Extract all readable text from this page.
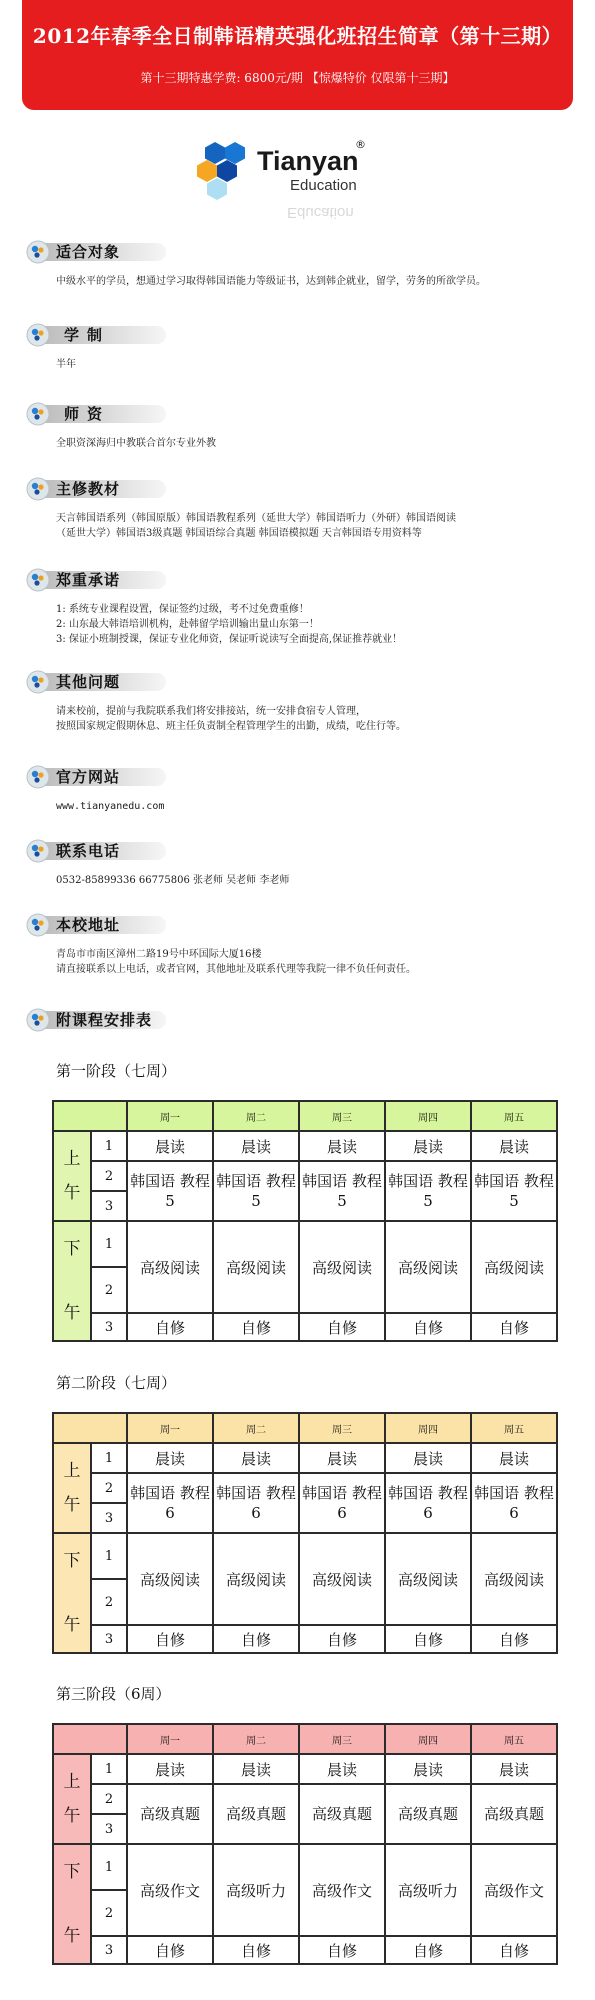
2012年春季全日制韩语精英强化班招生简章（第十三期）
第十三期特惠学费: 6800元/期 【惊爆特价 仅限第十三期】
Tianyan
®
Education
Education
适合对象
中级水平的学员，想通过学习取得韩国语能力等级证书，达到韩企就业，留学，劳务的所欲学员。
学制
半年
师资
全职资深海归中教联合首尔专业外教
主修教材
天言韩国语系列（韩国原版）韩国语教程系列（延世大学）韩国语听力（外研）韩国语阅读
（延世大学）韩国语3级真题 韩国语综合真题 韩国语模拟题 天言韩国语专用资料等
郑重承诺
1: 系统专业课程设置，保证签约过级，考不过免费重修！
2: 山东最大韩语培训机构，赴韩留学培训输出量山东第一！
3: 保证小班制授课，保证专业化师资，保证听说读写全面提高,保证推荐就业！
其他问题
请来校前，提前与我院联系我们将安排接站，统一安排食宿专人管理，
按照国家规定假期休息、班主任负责制全程管理学生的出勤，成绩，吃住行等。
官方网站
www.tianyanedu.com
联系电话
0532-85899336 66775806 张老师 吴老师 李老师
本校地址
青岛市市南区漳州二路19号中环国际大厦16楼
请直接联系以上电话，或者官网，其他地址及联系代理等我院一律不负任何责任。
附课程安排表
第一阶段（七周）
		周一	周二	周三	周四	周五

上
午	1	晨读	晨读	晨读	晨读	晨读
	2	韩国语 教程5	韩国语 教程5	韩国语 教程5	韩国语 教程5	韩国语 教程5
	3					

下
午	1	高级阅读	高级阅读	高级阅读	高级阅读	高级阅读
	2					
	3	自修	自修	自修	自修	自修
第二阶段（七周）
		周一	周二	周三	周四	周五

上
午	1	晨读	晨读	晨读	晨读	晨读
	2	韩国语 教程6	韩国语 教程6	韩国语 教程6	韩国语 教程6	韩国语 教程6
	3					

下
午	1	高级阅读	高级阅读	高级阅读	高级阅读	高级阅读
	2					
	3	自修	自修	自修	自修	自修
第三阶段（6周）
		周一	周二	周三	周四	周五

上
午	1	晨读	晨读	晨读	晨读	晨读
	2	高级真题	高级真题	高级真题	高级真题	高级真题
	3					

下
午	1	高级作文	高级听力	高级作文	高级听力	高级作文
	2					
	3	自修	自修	自修	自修	自修
